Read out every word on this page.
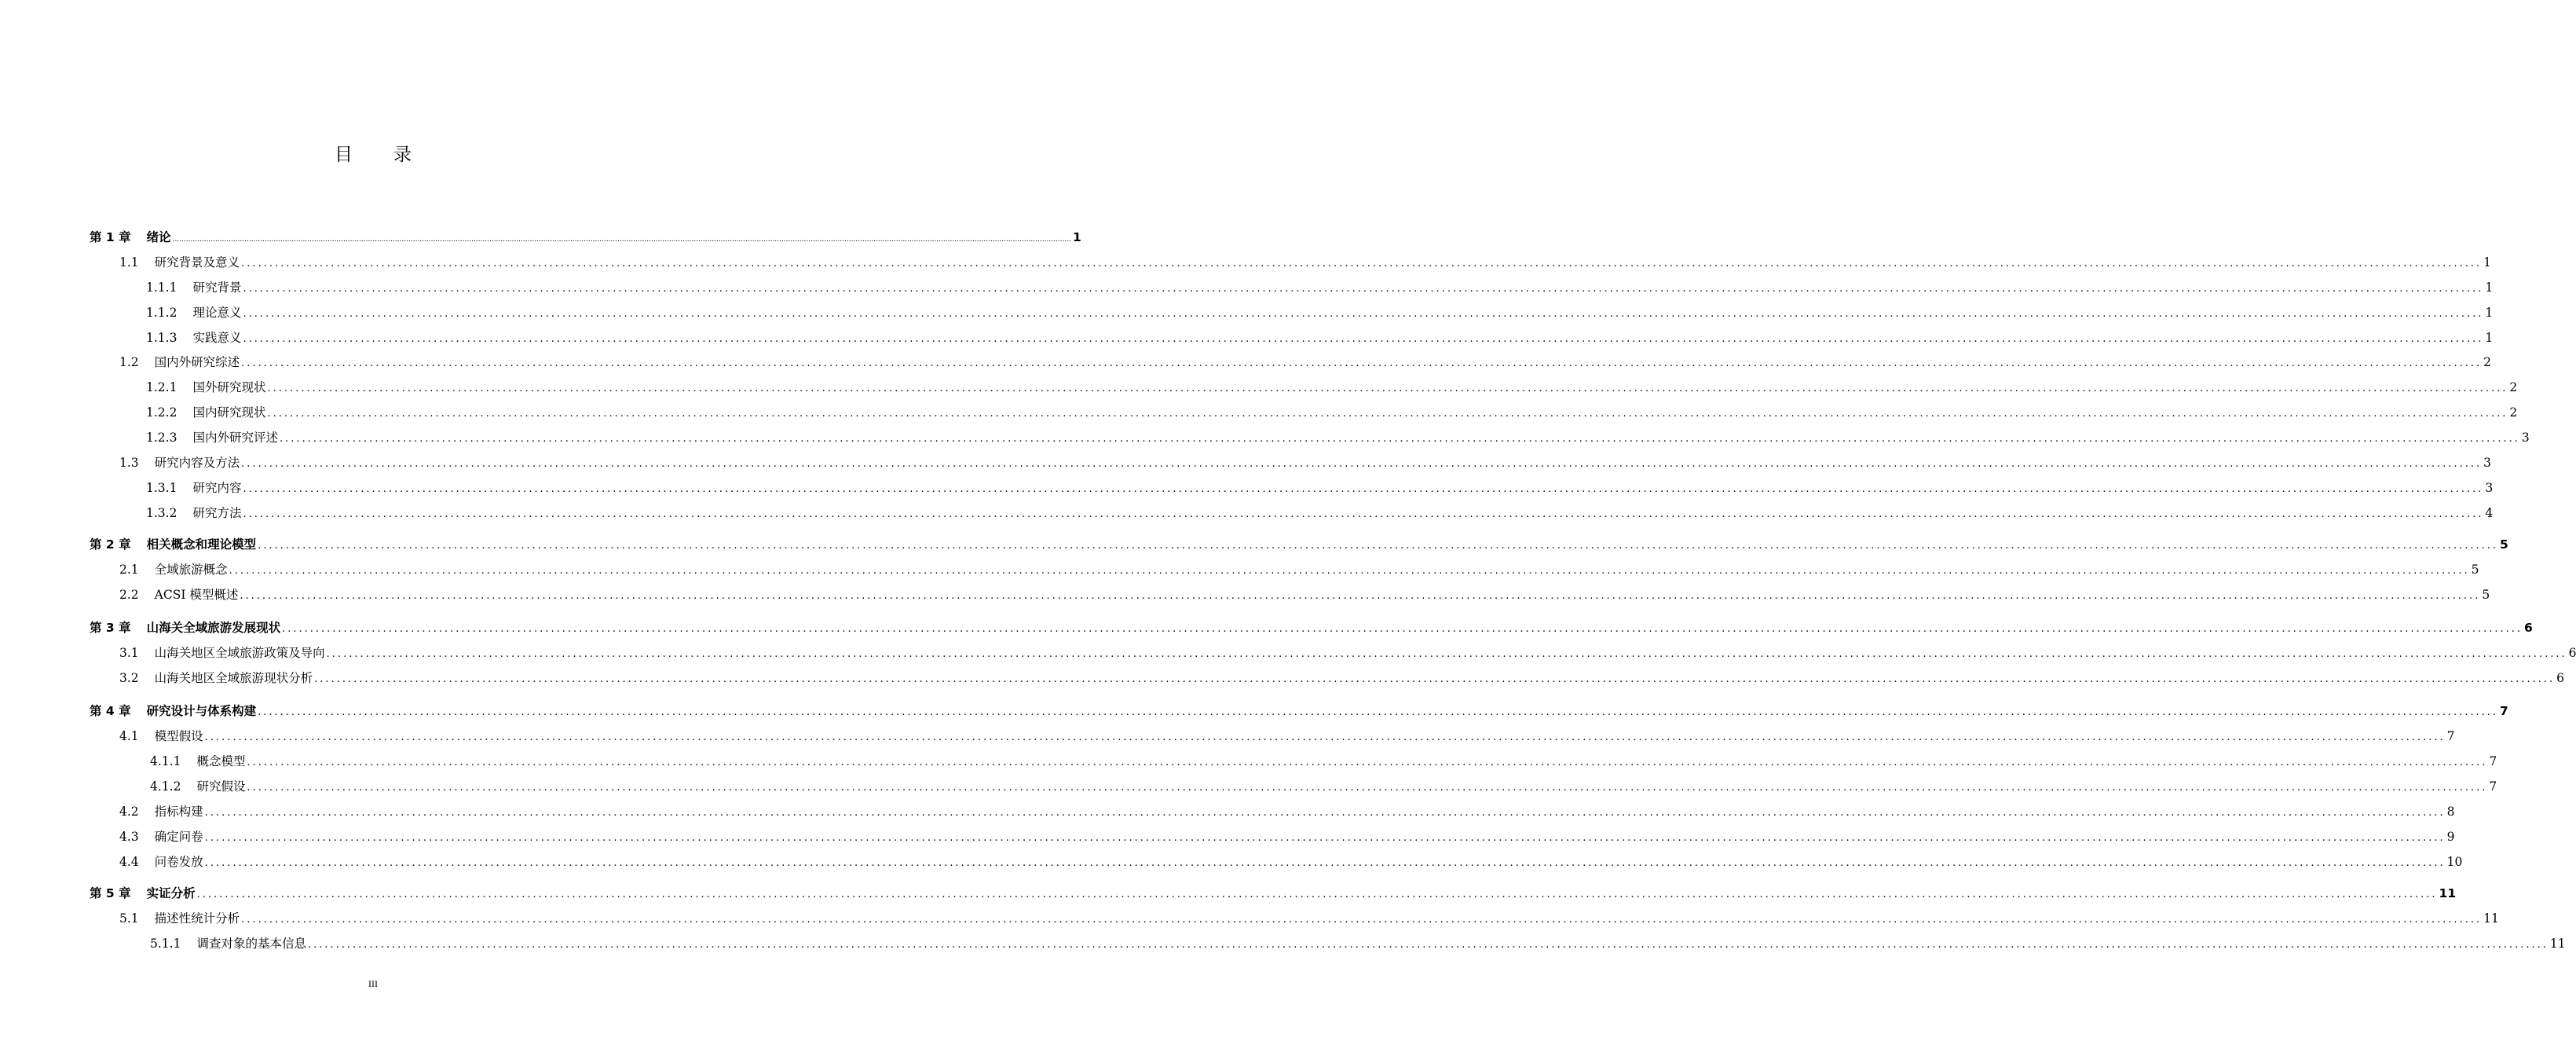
目 录
第 1 章 绪论 ................................................................................................................................................................................................................................................................................................................................................................................................................ 1
1.1 研究背景及意义 ................................................................................................................................................................................................................................................................................................................................................................................................................ 1
1.1.1 研究背景 ................................................................................................................................................................................................................................................................................................................................................................................................................ 1
1.1.2 理论意义 ................................................................................................................................................................................................................................................................................................................................................................................................................ 1
1.1.3 实践意义 ................................................................................................................................................................................................................................................................................................................................................................................................................ 1
1.2 国内外研究综述 ................................................................................................................................................................................................................................................................................................................................................................................................................ 2
1.2.1 国外研究现状 ................................................................................................................................................................................................................................................................................................................................................................................................................ 2
1.2.2 国内研究现状 ................................................................................................................................................................................................................................................................................................................................................................................................................ 2
1.2.3 国内外研究评述 ................................................................................................................................................................................................................................................................................................................................................................................................................ 3
1.3 研究内容及方法 ................................................................................................................................................................................................................................................................................................................................................................................................................ 3
1.3.1 研究内容 ................................................................................................................................................................................................................................................................................................................................................................................................................ 3
1.3.2 研究方法 ................................................................................................................................................................................................................................................................................................................................................................................................................ 4
第 2 章 相关概念和理论模型 ................................................................................................................................................................................................................................................................................................................................................................................................................ 5
2.1 全域旅游概念 ................................................................................................................................................................................................................................................................................................................................................................................................................ 5
2.2 ACSI 模型概述 ................................................................................................................................................................................................................................................................................................................................................................................................................ 5
第 3 章 山海关全域旅游发展现状 ................................................................................................................................................................................................................................................................................................................................................................................................................ 6
3.1 山海关地区全域旅游政策及导向 ................................................................................................................................................................................................................................................................................................................................................................................................................ 6
3.2 山海关地区全域旅游现状分析 ................................................................................................................................................................................................................................................................................................................................................................................................................ 6
第 4 章 研究设计与体系构建 ................................................................................................................................................................................................................................................................................................................................................................................................................ 7
4.1 模型假设 ................................................................................................................................................................................................................................................................................................................................................................................................................ 7
4.1.1 概念模型 ................................................................................................................................................................................................................................................................................................................................................................................................................ 7
4.1.2 研究假设 ................................................................................................................................................................................................................................................................................................................................................................................................................ 7
4.2 指标构建 ................................................................................................................................................................................................................................................................................................................................................................................................................ 8
4.3 确定问卷 ................................................................................................................................................................................................................................................................................................................................................................................................................ 9
4.4 问卷发放 ................................................................................................................................................................................................................................................................................................................................................................................................................ 10
第 5 章 实证分析 ................................................................................................................................................................................................................................................................................................................................................................................................................ 11
5.1 描述性统计分析 ................................................................................................................................................................................................................................................................................................................................................................................................................ 11
5.1.1 调查对象的基本信息 ................................................................................................................................................................................................................................................................................................................................................................................................................ 11
III
